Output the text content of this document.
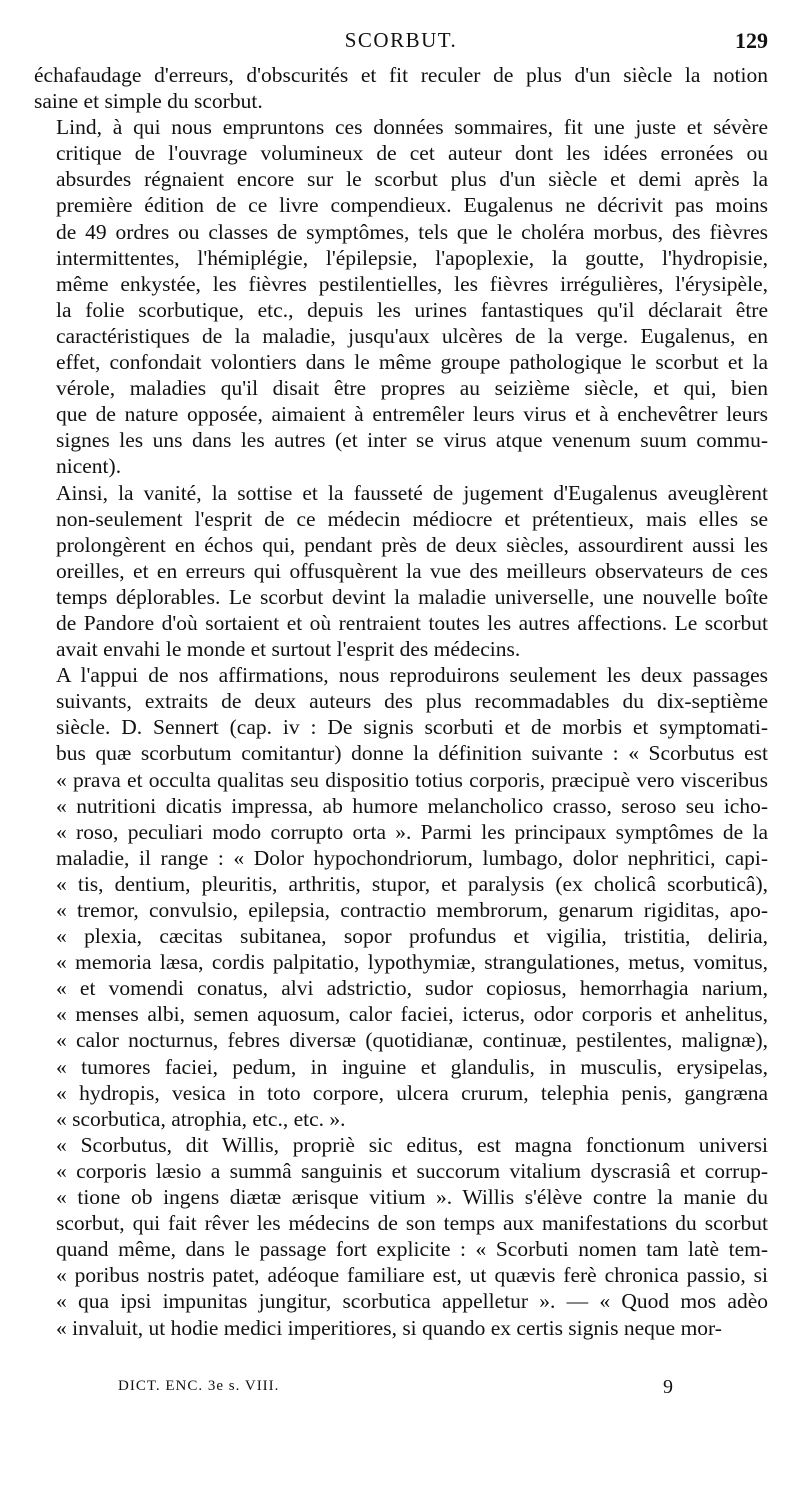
SCORBUT.	129

échafaudage d'erreurs, d'obscurités et fit reculer de plus d'un siècle la notion
saine et simple du scorbut.

Lind, à qui nous empruntons ces données sommaires, fit une juste et sévère
critique de l'ouvrage volumineux de cet auteur dont les idées erronées ou
absurdes régnaient encore sur le scorbut plus d'un siècle et demi après la
première édition de ce livre compendieux. Eugalenus ne décrivit pas moins
de 49 ordres ou classes de symptômes, tels que le choléra morbus, des fièvres
intermittentes, l'hémiplégie, l'épilepsie, l'apoplexie, la goutte, l'hydropisie,
même enkystée, les fièvres pestilentielles, les fièvres irrégulières, l'érysipèle,
la folie scorbutique, etc., depuis les urines fantastiques qu'il déclarait être
caractéristiques de la maladie, jusqu'aux ulcères de la verge. Eugalenus, en
effet, confondait volontiers dans le même groupe pathologique le scorbut et la
vérole, maladies qu'il disait être propres au seizième siècle, et qui, bien
que de nature opposée, aimaient à entremêler leurs virus et à enchevêtrer leurs
signes les uns dans les autres (et inter se virus atque venenum suum commu-
nicent).

Ainsi, la vanité, la sottise et la fausseté de jugement d'Eugalenus aveuglèrent
non-seulement l'esprit de ce médecin médiocre et prétentieux, mais elles se
prolongèrent en échos qui, pendant près de deux siècles, assourdirent aussi les
oreilles, et en erreurs qui offusquèrent la vue des meilleurs observateurs de ces
temps déplorables. Le scorbut devint la maladie universelle, une nouvelle boîte
de Pandore d'où sortaient et où rentraient toutes les autres affections. Le scorbut
avait envahi le monde et surtout l'esprit des médecins.

A l'appui de nos affirmations, nous reproduirons seulement les deux passages
suivants, extraits de deux auteurs des plus recommadables du dix-septième
siècle. D. Sennert (cap. iv : De signis scorbuti et de morbis et symptomati-
bus quæ scorbutum comitantur) donne la définition suivante : « Scorbutus est
« prava et occulta qualitas seu dispositio totius corporis, præcipuè vero visceribus
« nutritioni dicatis impressa, ab humore melancholico crasso, seroso seu icho-
« roso, peculiari modo corrupto orta ». Parmi les principaux symptômes de la
maladie, il range : « Dolor hypochondriorum, lumbago, dolor nephritici, capi-
« tis, dentium, pleuritis, arthritis, stupor, et paralysis (ex cholicâ scorbuticâ),
« tremor, convulsio, epilepsia, contractio membrorum, genarum rigiditas, apo-
« plexia, cæcitas subitanea, sopor profundus et vigilia, tristitia, deliria,
« memoria læsa, cordis palpitatio, lypothymiæ, strangulationes, metus, vomitus,
« et vomendi conatus, alvi adstrictio, sudor copiosus, hemorrhagia narium,
« menses albi, semen aquosum, calor faciei, icterus, odor corporis et anhelitus,
« calor nocturnus, febres diversæ (quotidianæ, continuæ, pestilentes, malignæ),
« tumores faciei, pedum, in inguine et glandulis, in musculis, erysipelas,
« hydropis, vesica in toto corpore, ulcera crurum, telephia penis, gangræna
« scorbutica, atrophia, etc., etc. ».

« Scorbutus, dit Willis, propriè sic editus, est magna fonctionum universi
« corporis læsio a summâ sanguinis et succorum vitalium dyscrasiâ et corrup-
« tione ob ingens diætæ ærisque vitium ». Willis s'élève contre la manie du
scorbut, qui fait rêver les médecins de son temps aux manifestations du scorbut
quand même, dans le passage fort explicite : « Scorbuti nomen tam latè tem-
« poribus nostris patet, adéoque familiare est, ut quævis ferè chronica passio, si
« qua ipsi impunitas jungitur, scorbutica appelletur ». — « Quod mos adèo
« invaluit, ut hodie medici imperitiores, si quando ex certis signis neque mor-

DICT. ENC. 3e s. VIII.	9
